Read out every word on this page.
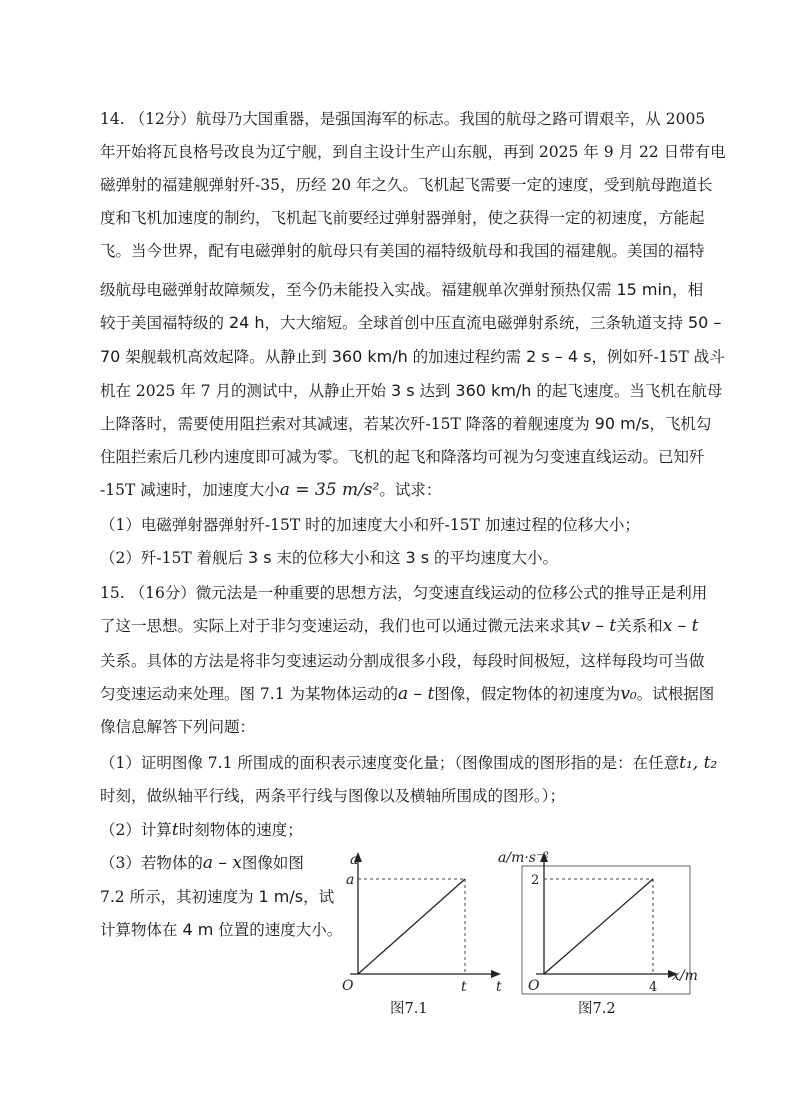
14. （12分）航母乃大国重器，是强国海军的标志。我国的航母之路可谓艰辛，从 2005
年开始将瓦良格号改良为辽宁舰，到自主设计生产山东舰，再到 2025 年 9 月 22 日带有电
磁弹射的福建舰弹射歼-35，历经 20 年之久。飞机起飞需要一定的速度，受到航母跑道长
度和飞机加速度的制约，飞机起飞前要经过弹射器弹射，使之获得一定的初速度，方能起
飞。当今世界，配有电磁弹射的航母只有美国的福特级航母和我国的福建舰。美国的福特
级航母电磁弹射故障频发，至今仍未能投入实战。福建舰单次弹射预热仅需 15 min，相
较于美国福特级的 24 h，大大缩短。全球首创中压直流电磁弹射系统，三条轨道支持 50 –
70 架舰载机高效起降。从静止到 360 km/h 的加速过程约需 2 s – 4 s，例如歼-15T 战斗
机在 2025 年 7 月的测试中，从静止开始 3 s 达到 360 km/h 的起飞速度。当飞机在航母
上降落时，需要使用阻拦索对其减速，若某次歼-15T 降落的着舰速度为 90 m/s，飞机勾
住阻拦索后几秒内速度即可减为零。飞机的起飞和降落均可视为匀变速直线运动。已知歼
-15T 减速时，加速度大小a = 35 m/s²。试求：
（1）电磁弹射器弹射歼-15T 时的加速度大小和歼-15T 加速过程的位移大小；
（2）歼-15T 着舰后 3 s 末的位移大小和这 3 s 的平均速度大小。
15. （16分）微元法是一种重要的思想方法，匀变速直线运动的位移公式的推导正是利用
了这一思想。实际上对于非匀变速运动，我们也可以通过微元法来求其v – t关系和x – t
关系。具体的方法是将非匀变速运动分割成很多小段，每段时间极短，这样每段均可当做
匀变速运动来处理。图 7.1 为某物体运动的a – t图像，假定物体的初速度为v₀。试根据图
像信息解答下列问题：
（1）证明图像 7.1 所围成的面积表示速度变化量；（图像围成的图形指的是：在任意t₁, t₂
时刻，做纵轴平行线，两条平行线与图像以及横轴所围成的图形。）；
（2）计算t时刻物体的速度；
（3）若物体的a – x图像如图
7.2 所示，其初速度为 1 m/s，试
计算物体在 4 m 位置的速度大小。
a
a
O	t t
图7.1
a/m·s⁻²
2
O	4
x/m
图7.2
